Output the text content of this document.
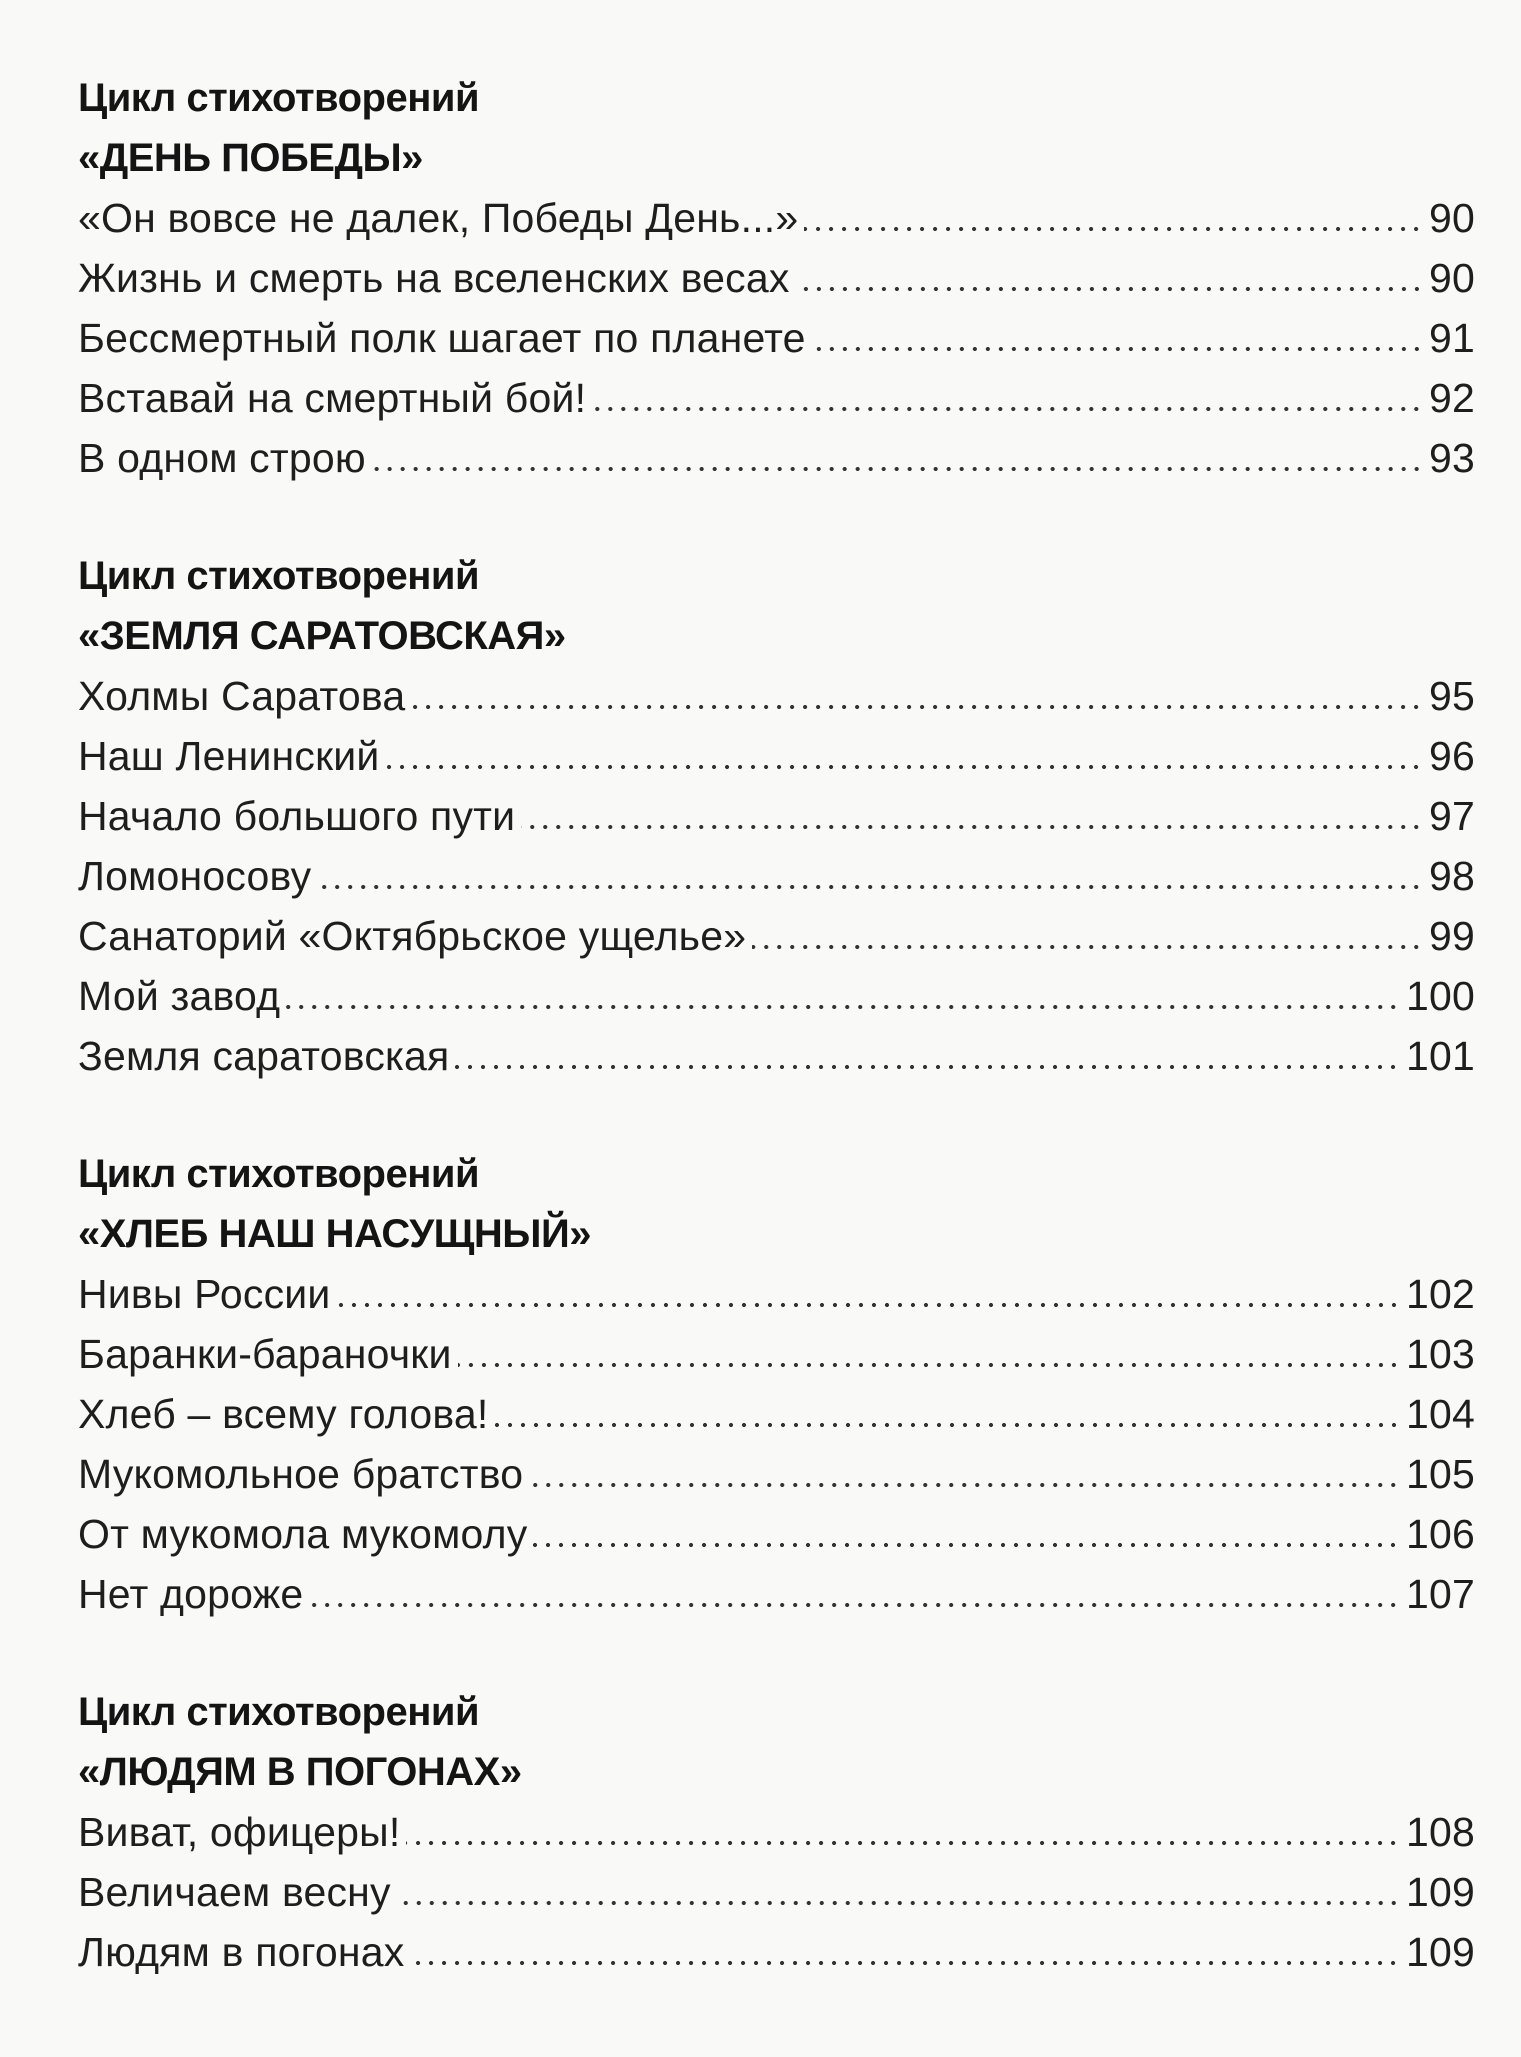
Цикл стихотворений
«ДЕНЬ ПОБЕДЫ»
«Он вовсе не далек, Победы День...»	90
Жизнь и смерть на вселенских весах	90
Бессмертный полк шагает по планете	91
Вставай на смертный бой!	92
В одном строю	93
Цикл стихотворений
«ЗЕМЛЯ САРАТОВСКАЯ»
Холмы Саратова	95
Наш Ленинский	96
Начало большого пути	97
Ломоносову	98
Санаторий «Октябрьское ущелье»	99
Мой завод	100
Земля саратовская	101
Цикл стихотворений
«ХЛЕБ НАШ НАСУЩНЫЙ»
Нивы России	102
Баранки-бараночки	103
Хлеб – всему голова!	104
Мукомольное братство	105
От мукомола мукомолу	106
Нет дороже	107
Цикл стихотворений
«ЛЮДЯМ В ПОГОНАХ»
Виват, офицеры!	108
Величаем весну	109
Людям в погонах	109
